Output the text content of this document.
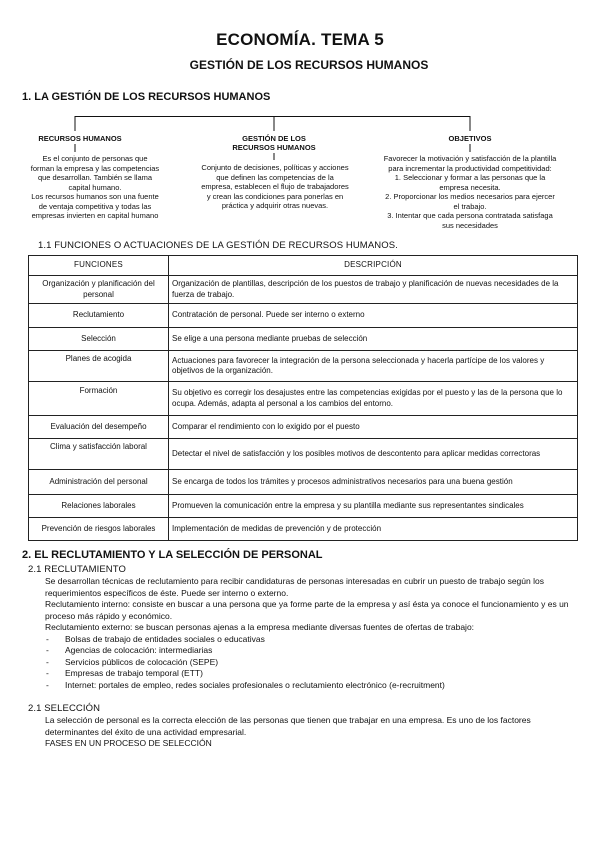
ECONOMÍA. TEMA 5
GESTIÓN DE LOS RECURSOS HUMANOS
1. LA GESTIÓN DE LOS RECURSOS HUMANOS
RECURSOS HUMANOS
Es el conjunto de personas que
forman la empresa y las competencias
que desarrollan. También se llama
capital humano.
Los recursos humanos son una fuente
de ventaja competitiva y todas las
empresas invierten en capital humano
GESTIÓN DE LOS
RECURSOS HUMANOS
Conjunto de decisiones, políticas y acciones
que definen las competencias de la
empresa, establecen el flujo de trabajadores
y crean las condiciones para ponerlas en
práctica y adquirir otras nuevas.
OBJETIVOS
Favorecer la motivación y satisfacción de la plantilla
para incrementar la productividad competitividad:
1. Seleccionar y formar a las personas que la
empresa necesita.
2. Proporcionar los medios necesarios para ejercer
el trabajo.
3. Intentar que cada persona contratada satisfaga
sus necesidades
1.1 FUNCIONES O ACTUACIONES DE LA GESTIÓN DE RECURSOS HUMANOS.
FUNCIONES	DESCRIPCIÓN
Organización y planificación del personal	Organización de plantillas, descripción de los puestos de trabajo y planificación de nuevas necesidades de la fuerza de trabajo.
Reclutamiento	Contratación de personal. Puede ser interno o externo
Selección	Se elige a una persona mediante pruebas de selección
Planes de acogida	Actuaciones para favorecer la integración de la persona seleccionada y hacerla partícipe de los valores y objetivos de la organización.
Formación	Su objetivo es corregir los desajustes entre las competencias exigidas por el puesto y las de la persona que lo ocupa. Además, adapta al personal a los cambios del entorno.
Evaluación del desempeño	Comparar el rendimiento con lo exigido por el puesto
Clima y satisfacción laboral	Detectar el nivel de satisfacción y los posibles motivos de descontento para aplicar medidas correctoras
Administración del personal	Se encarga de todos los trámites y procesos administrativos necesarios para una buena gestión
Relaciones laborales	Promueven la comunicación entre la empresa y su plantilla mediante sus representantes sindicales
Prevención de riesgos laborales	Implementación de medidas de prevención y de protección
2. EL RECLUTAMIENTO Y LA SELECCIÓN DE PERSONAL
2.1 RECLUTAMIENTO
Se desarrollan técnicas de reclutamiento para recibir candidaturas de personas interesadas en cubrir un puesto de trabajo según los requerimientos específicos de éste. Puede ser interno o externo.
Reclutamiento interno: consiste en buscar a una persona que ya forme parte de la empresa y así ésta ya conoce el funcionamiento y es un proceso más rápido y económico.
Reclutamiento externo: se buscan personas ajenas a la empresa mediante diversas fuentes de ofertas de trabajo:
- Bolsas de trabajo de entidades sociales o educativas
- Agencias de colocación: intermediarias
- Servicios públicos de colocación (SEPE)
- Empresas de trabajo temporal (ETT)
- Internet: portales de empleo, redes sociales profesionales o reclutamiento electrónico (e-recruitment)
2.1 SELECCIÓN
La selección de personal es la correcta elección de las personas que tienen que trabajar en una empresa. Es uno de los factores determinantes del éxito de una actividad empresarial.
FASES EN UN PROCESO DE SELECCIÓN
